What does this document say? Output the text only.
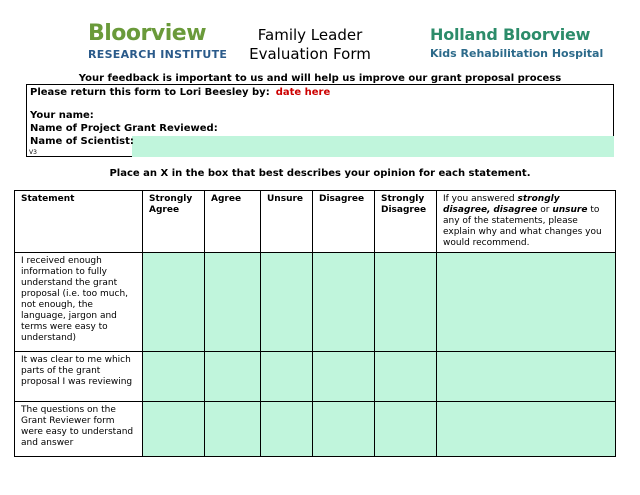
Bloorview
RESEARCH INSTITUTE
Family Leader
Evaluation Form
Holland Bloorview
Kids Rehabilitation Hospital
Your feedback is important to us and will help us improve our grant proposal process
Please return this form to Lori Beesley by: date here
Your name:
Name of Project Grant Reviewed:
Name of Scientist:
V3
Place an X in the box that best describes your opinion for each statement.
Statement	Strongly Agree	Agree	Unsure	Disagree	Strongly Disagree	If you answered strongly disagree, disagree or unsure to any of the statements, please explain why and what changes you would recommend.
I received enough information to fully understand the grant proposal (i.e. too much, not enough, the language, jargon and terms were easy to understand)						
It was clear to me which parts of the grant proposal I was reviewing						
The questions on the Grant Reviewer form were easy to understand and answer						
